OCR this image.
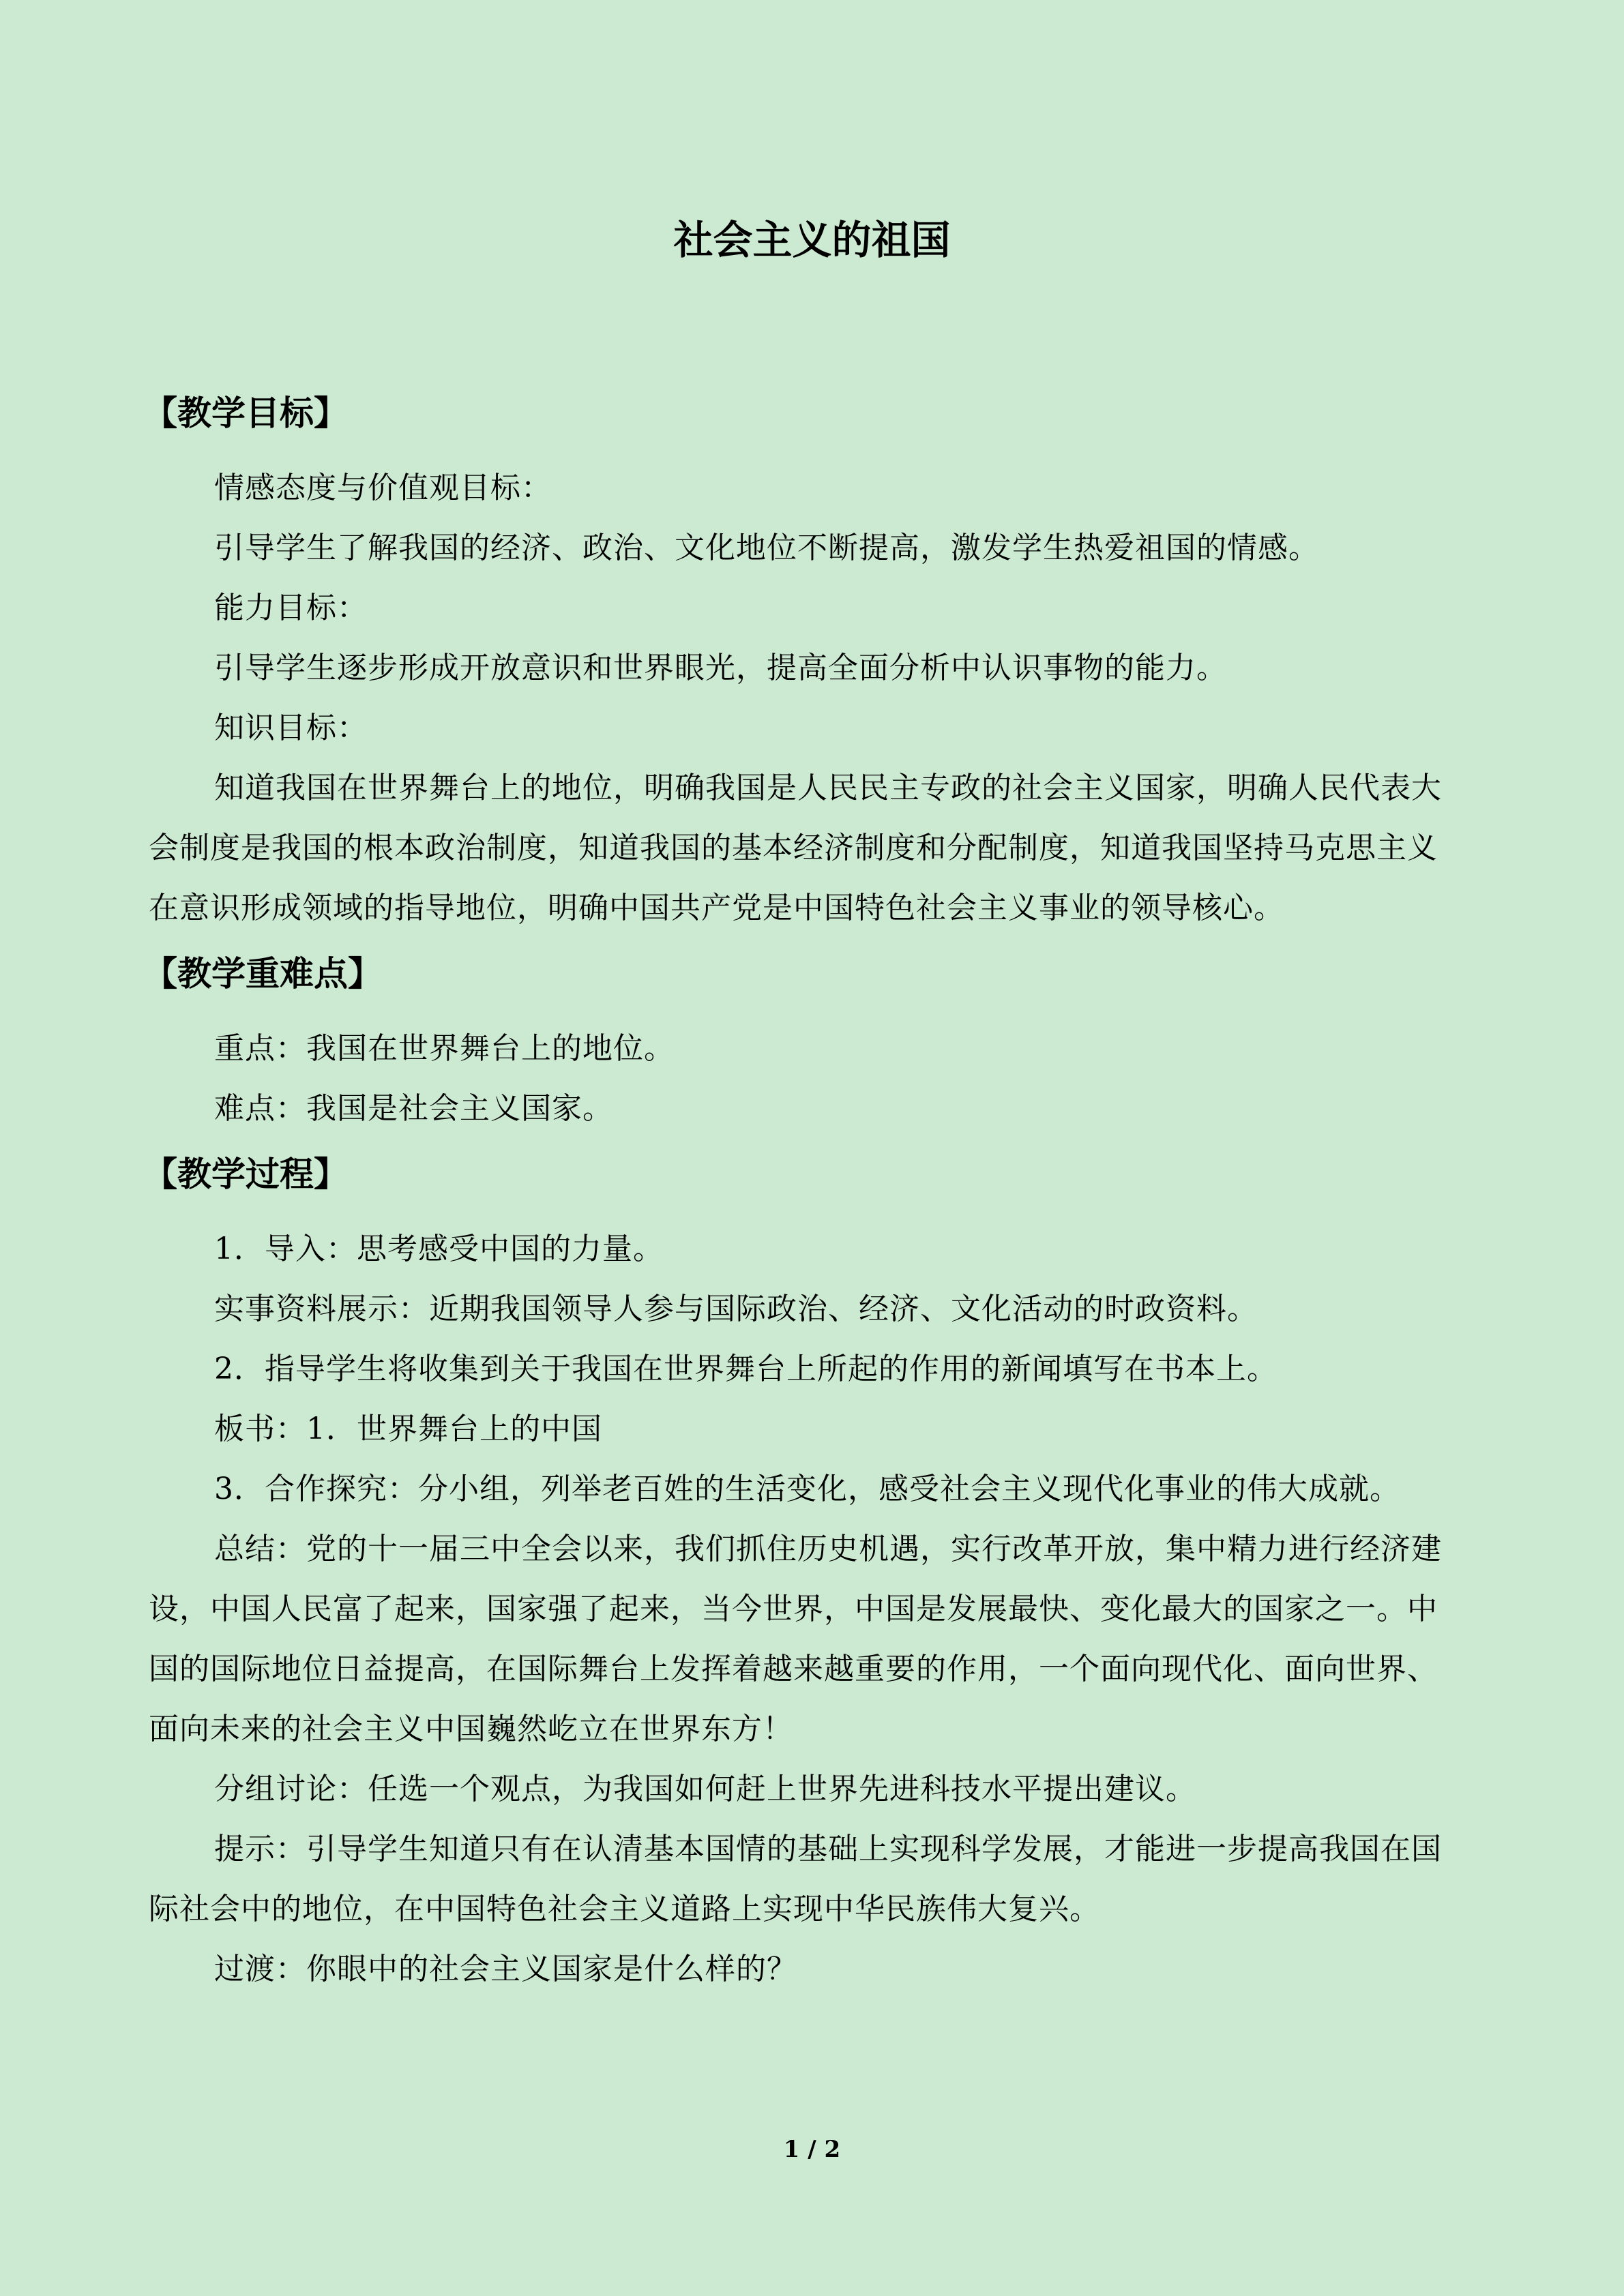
社会主义的祖国
【教学目标】

情感态度与价值观目标：

引导学生了解我国的经济、政治、文化地位不断提高，激发学生热爱祖国的情感。

能力目标：

引导学生逐步形成开放意识和世界眼光，提高全面分析中认识事物的能力。

知识目标：

知道我国在世界舞台上的地位，明确我国是人民民主专政的社会主义国家，明确人民代表大会制度是我国的根本政治制度，知道我国的基本经济制度和分配制度，知道我国坚持马克思主义在意识形成领域的指导地位，明确中国共产党是中国特色社会主义事业的领导核心。

【教学重难点】

重点：我国在世界舞台上的地位。

难点：我国是社会主义国家。

【教学过程】

1．导入：思考感受中国的力量。

实事资料展示：近期我国领导人参与国际政治、经济、文化活动的时政资料。

2．指导学生将收集到关于我国在世界舞台上所起的作用的新闻填写在书本上。

板书：1．世界舞台上的中国

3．合作探究：分小组，列举老百姓的生活变化，感受社会主义现代化事业的伟大成就。

总结：党的十一届三中全会以来，我们抓住历史机遇，实行改革开放，集中精力进行经济建设，中国人民富了起来，国家强了起来，当今世界，中国是发展最快、变化最大的国家之一。中国的国际地位日益提高，在国际舞台上发挥着越来越重要的作用，一个面向现代化、面向世界、面向未来的社会主义中国巍然屹立在世界东方！

分组讨论：任选一个观点，为我国如何赶上世界先进科技水平提出建议。

提示：引导学生知道只有在认清基本国情的基础上实现科学发展，才能进一步提高我国在国际社会中的地位，在中国特色社会主义道路上实现中华民族伟大复兴。

过渡：你眼中的社会主义国家是什么样的？

1 / 2
